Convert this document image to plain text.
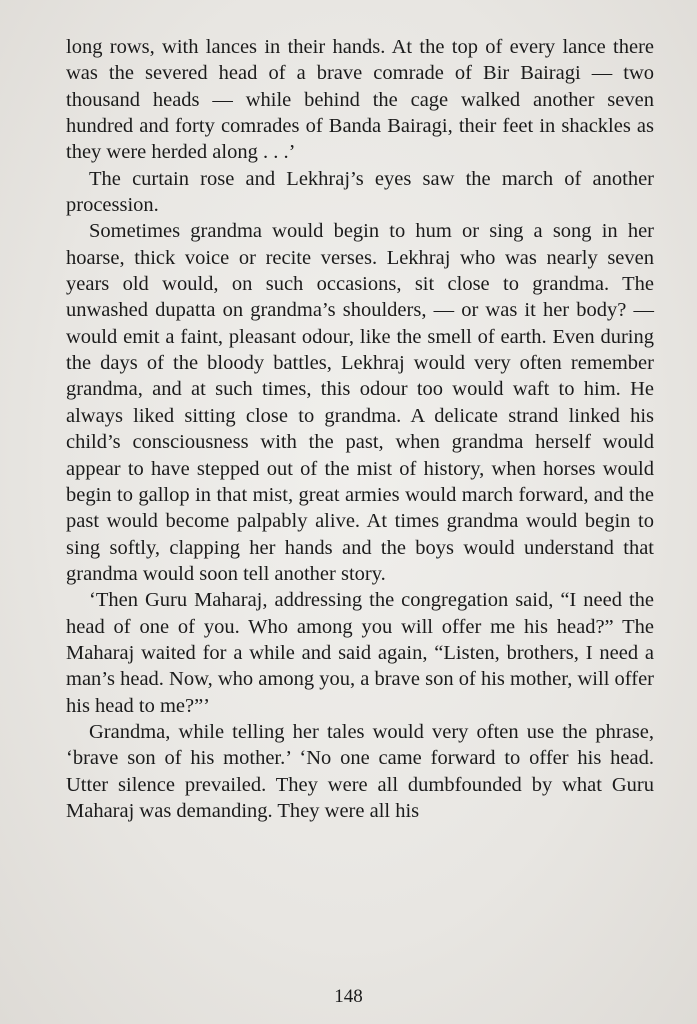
long rows, with lances in their hands. At the top of every lance there was the severed head of a brave comrade of Bir Bairagi — two thousand heads — while behind the cage walked another seven hundred and forty comrades of Banda Bairagi, their feet in shackles as they were herded along . . .’

The curtain rose and Lekhraj’s eyes saw the march of another procession.

Sometimes grandma would begin to hum or sing a song in her hoarse, thick voice or recite verses. Lekhraj who was nearly seven years old would, on such occasions, sit close to grandma. The unwashed dupatta on grandma’s shoulders, — or was it her body? — would emit a faint, pleasant odour, like the smell of earth. Even during the days of the bloody battles, Lekhraj would very often remember grandma, and at such times, this odour too would waft to him. He always liked sitting close to grandma. A delicate strand linked his child’s consciousness with the past, when grandma herself would appear to have stepped out of the mist of history, when horses would begin to gallop in that mist, great armies would march forward, and the past would become palpably alive. At times grandma would begin to sing softly, clapping her hands and the boys would understand that grandma would soon tell another story.

‘Then Guru Maharaj, addressing the congregation said, “I need the head of one of you. Who among you will offer me his head?” The Maharaj waited for a while and said again, “Listen, brothers, I need a man’s head. Now, who among you, a brave son of his mother, will offer his head to me?”’

Grandma, while telling her tales would very often use the phrase, ‘brave son of his mother.’ ‘No one came forward to offer his head. Utter silence prevailed. They were all dumbfounded by what Guru Maharaj was demanding. They were all his

148
